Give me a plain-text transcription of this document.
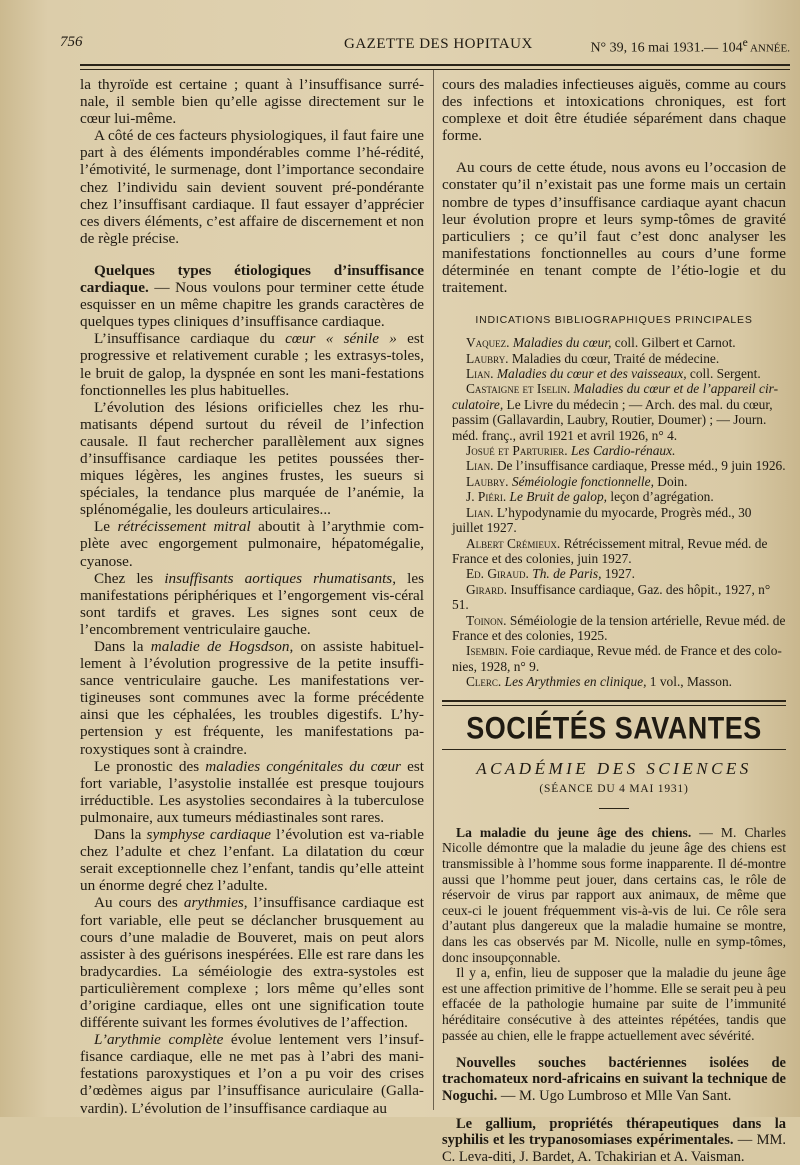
756	GAZETTE DES HOPITAUX	N° 39, 16 mai 1931.— 104e ANNÉE.

la thyroïde est certaine ; quant à l’insuffisance surré-nale, il semble bien qu’elle agisse directement sur le cœur lui-même.

A côté de ces facteurs physiologiques, il faut faire une part à des éléments impondérables comme l’hé-rédité, l’émotivité, le surmenage, dont l’importance secondaire chez l’individu sain devient souvent pré-pondérante chez l’insuffisant cardiaque. Il faut essayer d’apprécier ces divers éléments, c’est affaire de discernement et non de règle précise.

Quelques types étiologiques d’insuffisance cardiaque. — Nous voulons pour terminer cette étude esquisser en un même chapitre les grands caractères de quelques types cliniques d’insuffisance cardiaque.

L’insuffisance cardiaque du cœur « sénile » est progressive et relativement curable ; les extrasys-toles, le bruit de galop, la dyspnée en sont les mani-festations fonctionnelles les plus habituelles.

L’évolution des lésions orificielles chez les rhu-matisants dépend surtout du réveil de l’infection causale. Il faut rechercher parallèlement aux signes d’insuffisance cardiaque les petites poussées ther-miques légères, les angines frustes, les sueurs si spéciales, la tendance plus marquée de l’anémie, la splénomégalie, les douleurs articulaires...

Le rétrécissement mitral aboutit à l’arythmie com-plète avec engorgement pulmonaire, hépatomégalie, cyanose.

Chez les insuffisants aortiques rhumatisants, les manifestations périphériques et l’engorgement vis-céral sont tardifs et graves. Les signes sont ceux de l’encombrement ventriculaire gauche.

Dans la maladie de Hogsdson, on assiste habituel-lement à l’évolution progressive de la petite insuffi-sance ventriculaire gauche. Les manifestations ver-tigineuses sont communes avec la forme précédente ainsi que les céphalées, les troubles digestifs. L’hy-pertension y est fréquente, les manifestations pa-roxystiques sont à craindre.

Le pronostic des maladies congénitales du cœur est fort variable, l’asystolie installée est presque toujours irréductible. Les asystolies secondaires à la tuberculose pulmonaire, aux tumeurs médiastinales sont rares.

Dans la symphyse cardiaque l’évolution est va-riable chez l’adulte et chez l’enfant. La dilatation du cœur serait exceptionnelle chez l’enfant, tandis qu’elle atteint un énorme degré chez l’adulte.

Au cours des arythmies, l’insuffisance cardiaque est fort variable, elle peut se déclancher brusquement au cours d’une maladie de Bouveret, mais on peut alors assister à des guérisons inespérées. Elle est rare dans les bradycardies. La séméiologie des extra-systoles est particulièrement complexe ; lors même qu’elles sont d’origine cardiaque, elles ont une signification toute différente suivant les formes évolutives de l’affection.

L’arythmie complète évolue lentement vers l’insuf-fisance cardiaque, elle ne met pas à l’abri des mani-festations paroxystiques et l’on a pu voir des crises d’œdèmes aigus par l’insuffisance auriculaire (Galla-vardin). L’évolution de l’insuffisance cardiaque au

cours des maladies infectieuses aiguës, comme au cours des infections et intoxications chroniques, est fort complexe et doit être étudiée séparément dans chaque forme.

Au cours de cette étude, nous avons eu l’occasion de constater qu’il n’existait pas une forme mais un certain nombre de types d’insuffisance cardiaque ayant chacun leur évolution propre et leurs symp-tômes de gravité particuliers ; ce qu’il faut c’est donc analyser les manifestations fonctionnelles au cours d’une forme déterminée en tenant compte de l’étio-logie et du traitement.

INDICATIONS BIBLIOGRAPHIQUES PRINCIPALES

Vaquez. Maladies du cœur, coll. Gilbert et Carnot.

Laubry. Maladies du cœur, Traité de médecine.

Lian. Maladies du cœur et des vaisseaux, coll. Sergent.

Castaigne et Iselin. Maladies du cœur et de l’appareil cir-culatoire, Le Livre du médecin ; — Arch. des mal. du cœur, passim (Gallavardin, Laubry, Routier, Doumer) ; — Journ. méd. franç., avril 1921 et avril 1926, n° 4.

Josué et Parturier. Les Cardio-rénaux.

Lian. De l’insuffisance cardiaque, Presse méd., 9 juin 1926.

Laubry. Séméiologie fonctionnelle, Doin.

J. Piéri. Le Bruit de galop, leçon d’agrégation.

Lian. L’hypodynamie du myocarde, Progrès méd., 30 juillet 1927.

Albert Crémieux. Rétrécissement mitral, Revue méd. de France et des colonies, juin 1927.

Ed. Giraud. Th. de Paris, 1927.

Girard. Insuffisance cardiaque, Gaz. des hôpit., 1927, n° 51.

Toinon. Séméiologie de la tension artérielle, Revue méd. de France et des colonies, 1925.

Isembin. Foie cardiaque, Revue méd. de France et des colo-nies, 1928, n° 9.

Clerc. Les Arythmies en clinique, 1 vol., Masson.

SOCIÉTÉS SAVANTES
ACADÉMIE DES SCIENCES
(SÉANCE DU 4 MAI 1931)

La maladie du jeune âge des chiens. — M. Charles Nicolle démontre que la maladie du jeune âge des chiens est transmissible à l’homme sous forme inapparente. Il dé-montre aussi que l’homme peut jouer, dans certains cas, le rôle de réservoir de virus par rapport aux animaux, de même que ceux-ci le jouent fréquemment vis-à-vis de lui. Ce rôle sera d’autant plus dangereux que la maladie humaine se montre, dans les cas observés par M. Nicolle, nulle en symp-tômes, donc insoupçonnable.

Il y a, enfin, lieu de supposer que la maladie du jeune âge est une affection primitive de l’homme. Elle se serait peu à peu effacée de la pathologie humaine par suite de l’immunité héréditaire consécutive à des atteintes répétées, tandis que passée au chien, elle le frappe actuellement avec sévérité.

Nouvelles souches bactériennes isolées de trachomateux nord-africains en suivant la technique de Noguchi. — M. Ugo Lumbroso et Mlle Van Sant.

Le gallium, propriétés thérapeutiques dans la syphilis et les trypanosomiases expérimentales. — MM. C. Leva-diti, J. Bardet, A. Tchakirian et A. Vaisman.
